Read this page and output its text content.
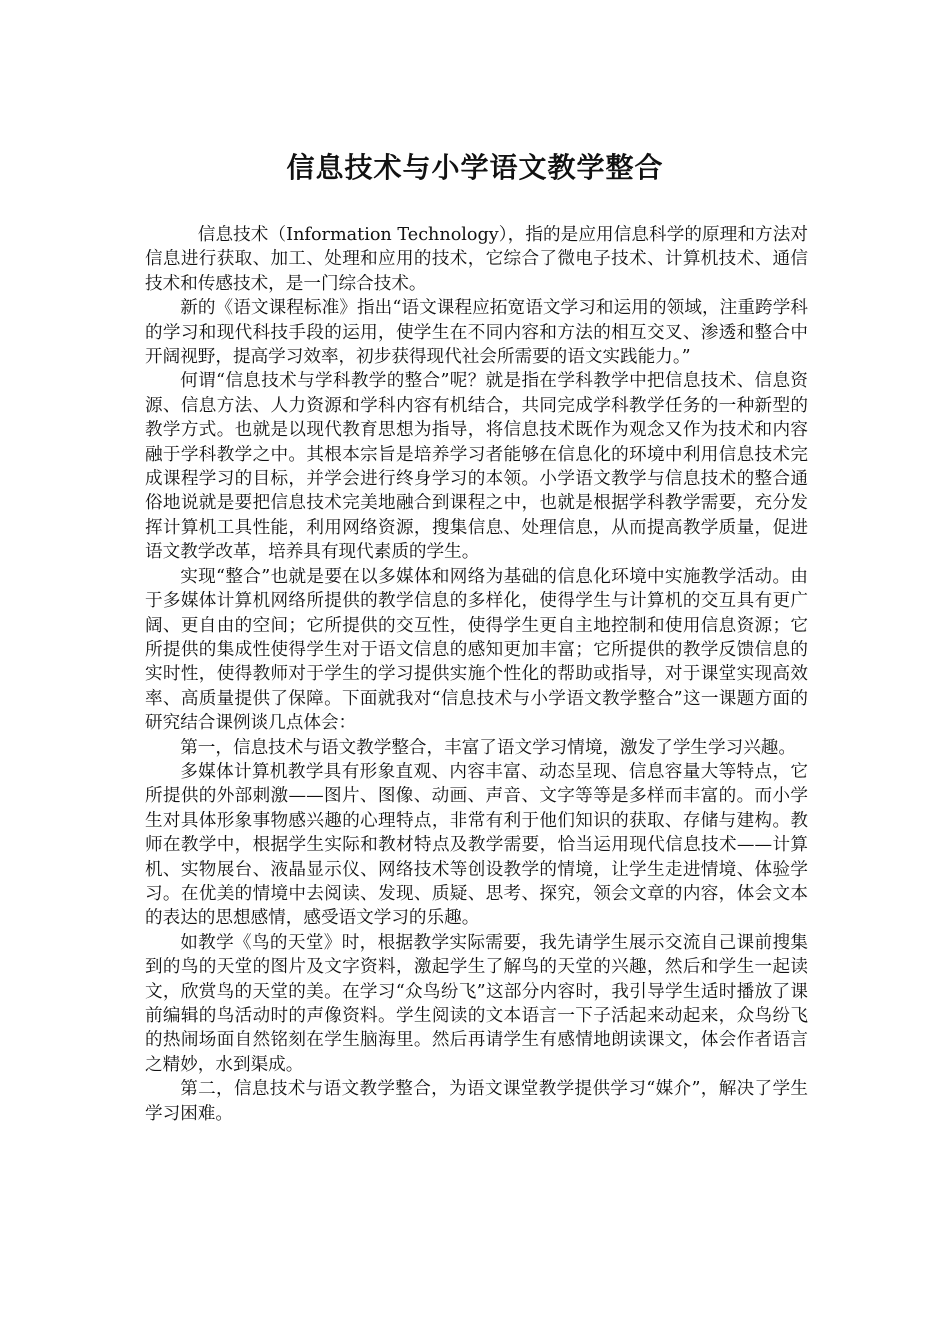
信息技术与小学语文教学整合

信息技术（Information Technology），指的是应用信息科学的原理和方法对信息进行获取、加工、处理和应用的技术，它综合了微电子技术、计算机技术、通信技术和传感技术，是一门综合技术。

新的《语文课程标准》指出“语文课程应拓宽语文学习和运用的领域，注重跨学科的学习和现代科技手段的运用，使学生在不同内容和方法的相互交叉、渗透和整合中开阔视野，提高学习效率，初步获得现代社会所需要的语文实践能力。”

何谓“信息技术与学科教学的整合”呢？就是指在学科教学中把信息技术、信息资源、信息方法、人力资源和学科内容有机结合，共同完成学科教学任务的一种新型的教学方式。也就是以现代教育思想为指导，将信息技术既作为观念又作为技术和内容融于学科教学之中。其根本宗旨是培养学习者能够在信息化的环境中利用信息技术完成课程学习的目标，并学会进行终身学习的本领。小学语文教学与信息技术的整合通俗地说就是要把信息技术完美地融合到课程之中，也就是根据学科教学需要，充分发挥计算机工具性能，利用网络资源，搜集信息、处理信息，从而提高教学质量，促进语文教学改革，培养具有现代素质的学生。

实现“整合”也就是要在以多媒体和网络为基础的信息化环境中实施教学活动。由于多媒体计算机网络所提供的教学信息的多样化，使得学生与计算机的交互具有更广阔、更自由的空间；它所提供的交互性，使得学生更自主地控制和使用信息资源；它所提供的集成性使得学生对于语文信息的感知更加丰富；它所提供的教学反馈信息的实时性，使得教师对于学生的学习提供实施个性化的帮助或指导，对于课堂实现高效率、高质量提供了保障。下面就我对“信息技术与小学语文教学整合”这一课题方面的研究结合课例谈几点体会：

第一，信息技术与语文教学整合，丰富了语文学习情境，激发了学生学习兴趣。

多媒体计算机教学具有形象直观、内容丰富、动态呈现、信息容量大等特点，它所提供的外部刺激——图片、图像、动画、声音、文字等等是多样而丰富的。而小学生对具体形象事物感兴趣的心理特点，非常有利于他们知识的获取、存储与建构。教师在教学中，根据学生实际和教材特点及教学需要，恰当运用现代信息技术——计算机、实物展台、液晶显示仪、网络技术等创设教学的情境，让学生走进情境、体验学习。在优美的情境中去阅读、发现、质疑、思考、探究，领会文章的内容，体会文本的表达的思想感情，感受语文学习的乐趣。

如教学《鸟的天堂》时，根据教学实际需要，我先请学生展示交流自己课前搜集到的鸟的天堂的图片及文字资料，激起学生了解鸟的天堂的兴趣，然后和学生一起读文，欣赏鸟的天堂的美。在学习“众鸟纷飞”这部分内容时，我引导学生适时播放了课前编辑的鸟活动时的声像资料。学生阅读的文本语言一下子活起来动起来，众鸟纷飞的热闹场面自然铭刻在学生脑海里。然后再请学生有感情地朗读课文，体会作者语言之精妙，水到渠成。

第二，信息技术与语文教学整合，为语文课堂教学提供学习“媒介”，解决了学生学习困难。
